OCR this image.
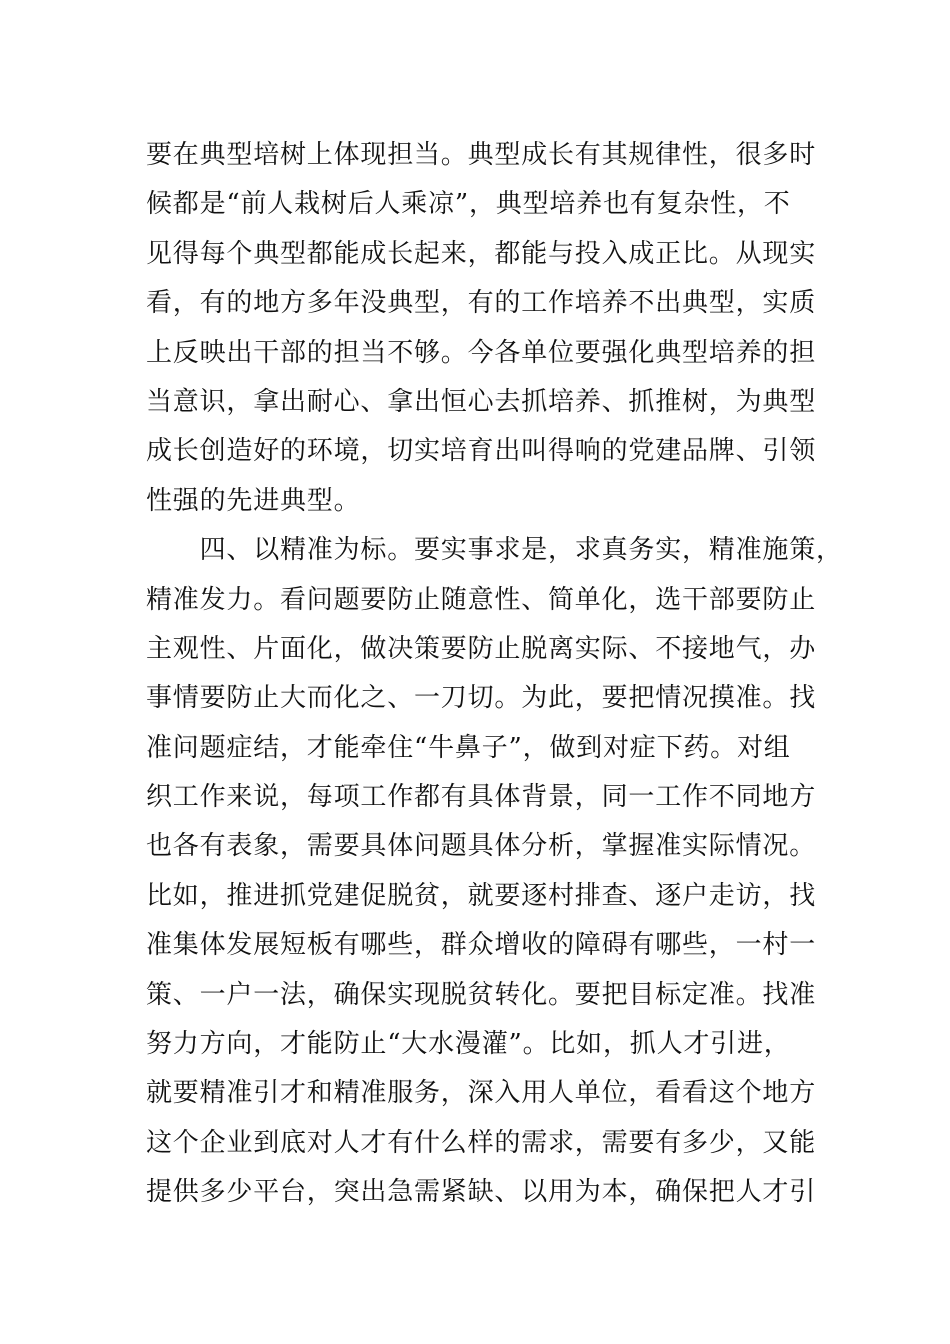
要在典型培树上体现担当。典型成长有其规律性，很多时
候都是“前人栽树后人乘凉”，典型培养也有复杂性，不
见得每个典型都能成长起来，都能与投入成正比。从现实
看，有的地方多年没典型，有的工作培养不出典型，实质
上反映出干部的担当不够。今各单位要强化典型培养的担
当意识，拿出耐心、拿出恒心去抓培养、抓推树，为典型
成长创造好的环境，切实培育出叫得响的党建品牌、引领
性强的先进典型。
　　四、以精准为标。要实事求是，求真务实，精准施策，
精准发力。看问题要防止随意性、简单化，选干部要防止
主观性、片面化，做决策要防止脱离实际、不接地气，办
事情要防止大而化之、一刀切。为此，要把情况摸准。找
准问题症结，才能牵住“牛鼻子”，做到对症下药。对组
织工作来说，每项工作都有具体背景，同一工作不同地方
也各有表象，需要具体问题具体分析，掌握准实际情况。
比如，推进抓党建促脱贫，就要逐村排查、逐户走访，找
准集体发展短板有哪些，群众增收的障碍有哪些，一村一
策、一户一法，确保实现脱贫转化。要把目标定准。找准
努力方向，才能防止“大水漫灌”。比如，抓人才引进，
就要精准引才和精准服务，深入用人单位，看看这个地方
这个企业到底对人才有什么样的需求，需要有多少，又能
提供多少平台，突出急需紧缺、以用为本，确保把人才引
